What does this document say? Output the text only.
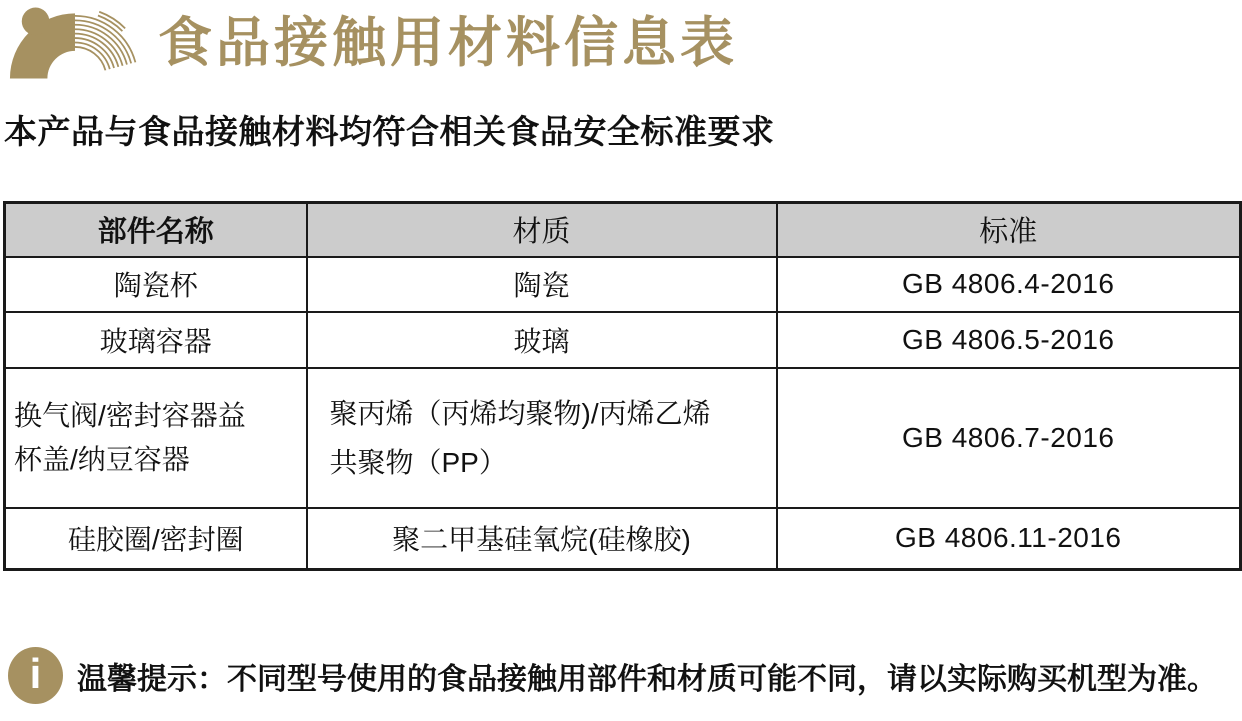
食品接触用材料信息表

本产品与食品接触材料均符合相关食品安全标准要求

部件名称	材质	标准
陶瓷杯	陶瓷	GB 4806.4-2016
玻璃容器	玻璃	GB 4806.5-2016

换气阀/密封容器益杯盖/纳豆容器	聚丙烯（丙烯均聚物)/丙烯乙烯共聚物（PP）	GB 4806.7-2016
硅胶圈/密封圈	聚二甲基硅氧烷(硅橡胶)	GB 4806.11-2016
i 温馨提示：不同型号使用的食品接触用部件和材质可能不同，请以实际购买机型为准。
